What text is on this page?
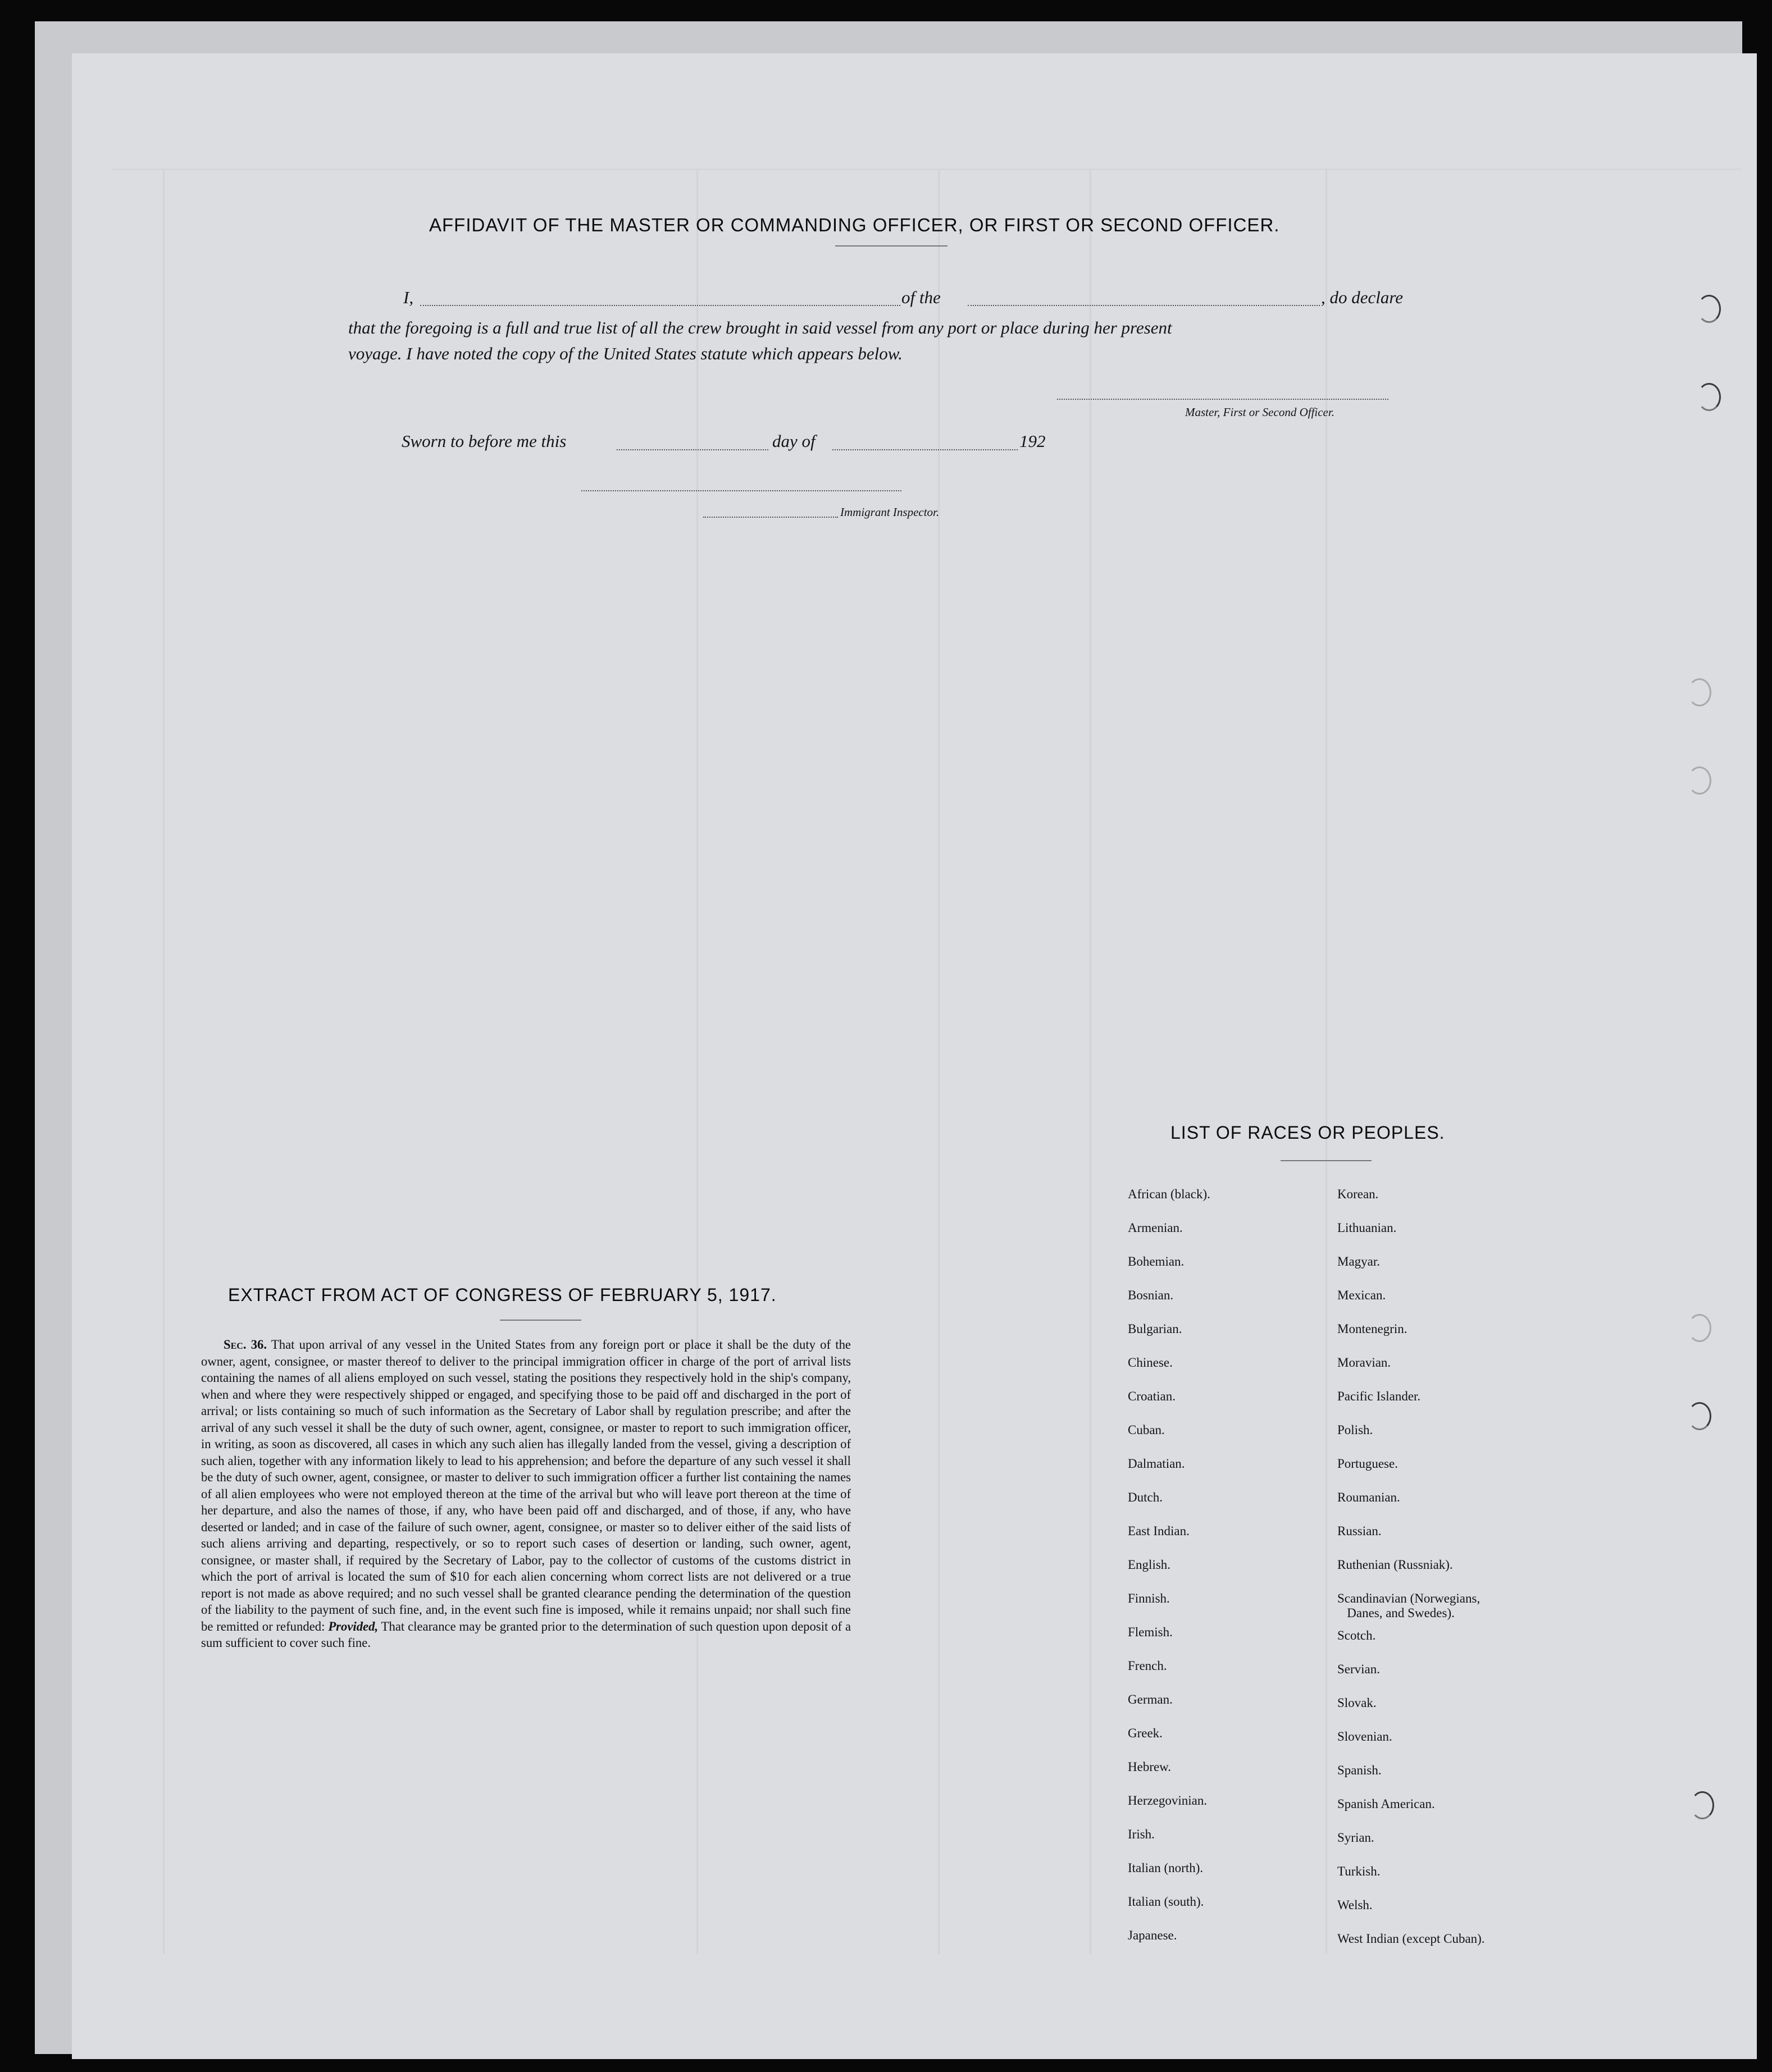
AFFIDAVIT OF THE MASTER OR COMMANDING OFFICER, OR FIRST OR SECOND OFFICER.
I,	of the	, do declare
that the foregoing is a full and true list of all the crew brought in said vessel from any port or place during her present
voyage. I have noted the copy of the United States statute which appears below.
Master, First or Second Officer.
Sworn to before me this	day of	192
Immigrant Inspector.
EXTRACT FROM ACT OF CONGRESS OF FEBRUARY 5, 1917.
Sec. 36. That upon arrival of any vessel in the United States from any foreign port or place it shall be the duty of the owner, agent, consignee, or master thereof to deliver to the principal immigration officer in charge of the port of arrival lists containing the names of all aliens employed on such vessel, stating the positions they respectively hold in the ship's company, when and where they were respectively shipped or engaged, and specifying those to be paid off and discharged in the port of arrival; or lists containing so much of such information as the Secretary of Labor shall by regulation prescribe; and after the arrival of any such vessel it shall be the duty of such owner, agent, consignee, or master to report to such immigration officer, in writing, as soon as discovered, all cases in which any such alien has illegally landed from the vessel, giving a description of such alien, together with any information likely to lead to his apprehension; and before the departure of any such vessel it shall be the duty of such owner, agent, consignee, or master to deliver to such immigration officer a further list containing the names of all alien employees who were not employed thereon at the time of the arrival but who will leave port thereon at the time of her departure, and also the names of those, if any, who have been paid off and discharged, and of those, if any, who have deserted or landed; and in case of the failure of such owner, agent, consignee, or master so to deliver either of the said lists of such aliens arriving and departing, respectively, or so to report such cases of desertion or landing, such owner, agent, consignee, or master shall, if required by the Secretary of Labor, pay to the collector of customs of the customs district in which the port of arrival is located the sum of $10 for each alien concerning whom correct lists are not delivered or a true report is not made as above required; and no such vessel shall be granted clearance pending the determination of the question of the liability to the payment of such fine, and, in the event such fine is imposed, while it remains unpaid; nor shall such fine be remitted or refunded: Provided, That clearance may be granted prior to the determination of such question upon deposit of a sum sufficient to cover such fine.
LIST OF RACES OR PEOPLES.
African (black).
Armenian.
Bohemian.
Bosnian.
Bulgarian.
Chinese.
Croatian.
Cuban.
Dalmatian.
Dutch.
East Indian.
English.
Finnish.
Flemish.
French.
German.
Greek.
Hebrew.
Herzegovinian.
Irish.
Italian (north).
Italian (south).
Japanese.
Korean.
Lithuanian.
Magyar.
Mexican.
Montenegrin.
Moravian.
Pacific Islander.
Polish.
Portuguese.
Roumanian.
Russian.
Ruthenian (Russniak).
Scandinavian (Norwegians,
Danes, and Swedes).
Scotch.
Servian.
Slovak.
Slovenian.
Spanish.
Spanish American.
Syrian.
Turkish.
Welsh.
West Indian (except Cuban).
